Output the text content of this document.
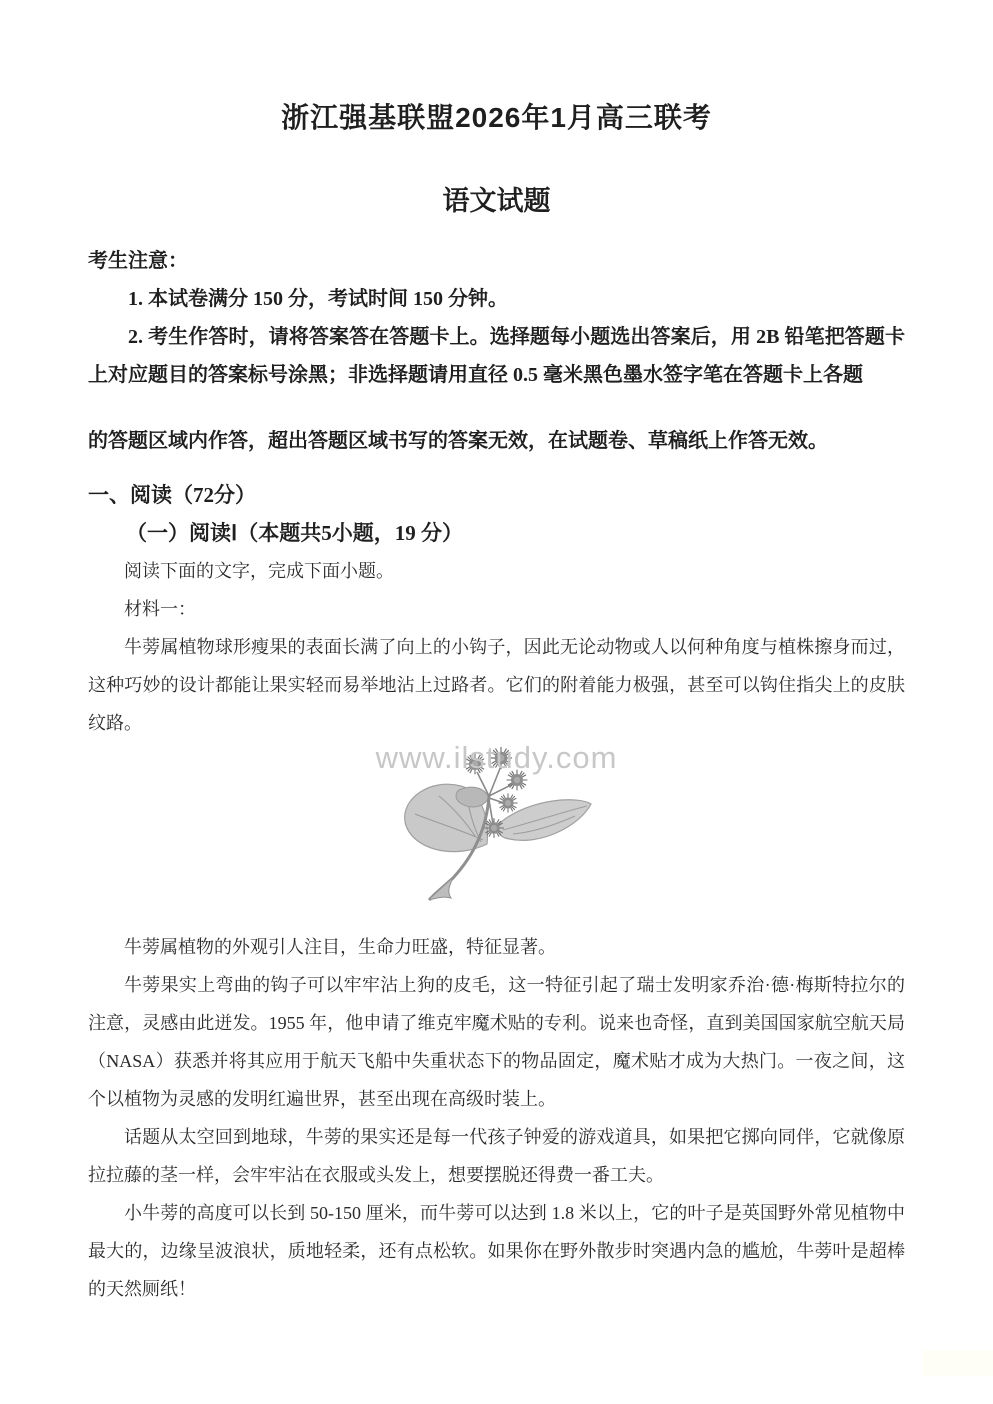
浙江强基联盟2026年1月高三联考
语文试题

考生注意：

1. 本试卷满分 150 分，考试时间 150 分钟。

2. 考生作答时，请将答案答在答题卡上。选择题每小题选出答案后，用 2B 铅笔把答题卡上对应题目的答案标号涂黑；非选择题请用直径 0.5 毫米黑色墨水签字笔在答题卡上各题

的答题区域内作答，超出答题区域书写的答案无效，在试题卷、草稿纸上作答无效。

一、阅读（72分）

（一）阅读Ⅰ（本题共5小题，19 分）

阅读下面的文字，完成下面小题。

材料一：

牛蒡属植物球形瘦果的表面长满了向上的小钩子，因此无论动物或人以何种角度与植株擦身而过，这种巧妙的设计都能让果实轻而易举地沾上过路者。它们的附着能力极强，甚至可以钩住指尖上的皮肤纹路。

www.ilstudy.com

牛蒡属植物的外观引人注目，生命力旺盛，特征显著。

牛蒡果实上弯曲的钩子可以牢牢沾上狗的皮毛，这一特征引起了瑞士发明家乔治·德·梅斯特拉尔的注意，灵感由此迸发。1955 年，他申请了维克牢魔术贴的专利。说来也奇怪，直到美国国家航空航天局（NASA）获悉并将其应用于航天飞船中失重状态下的物品固定，魔术贴才成为大热门。一夜之间，这个以植物为灵感的发明红遍世界，甚至出现在高级时装上。

话题从太空回到地球，牛蒡的果实还是每一代孩子钟爱的游戏道具，如果把它掷向同伴，它就像原拉拉藤的茎一样，会牢牢沾在衣服或头发上，想要摆脱还得费一番工夫。

小牛蒡的高度可以长到 50-150 厘米，而牛蒡可以达到 1.8 米以上，它的叶子是英国野外常见植物中最大的，边缘呈波浪状，质地轻柔，还有点松软。如果你在野外散步时突遇内急的尴尬，牛蒡叶是超棒的天然厕纸！
